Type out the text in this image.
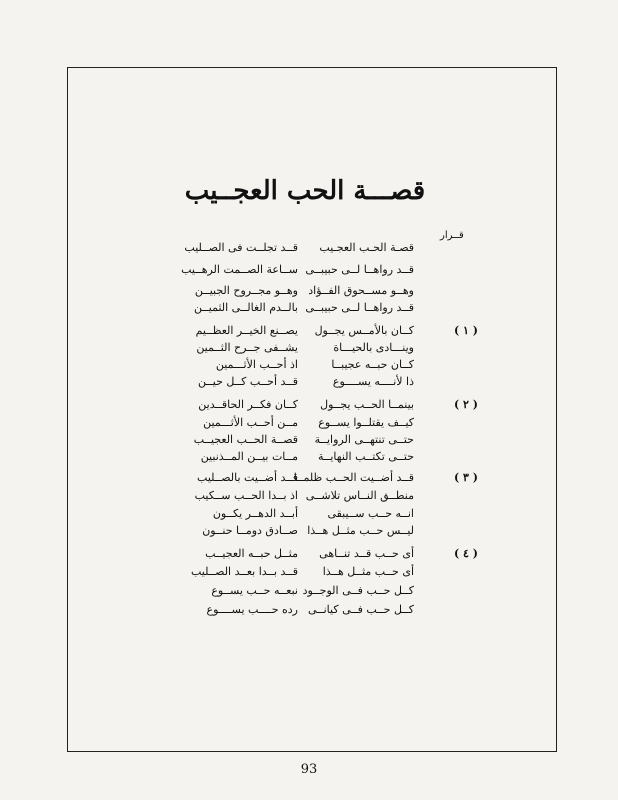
قصـــة الحب العجــيب
قــرار
قصـة الحـب العجـيب
قــد تجلــت فى الصــليب
قــد رواهــا لــى حبيبــى
ســاعة الصــمت الرهــيب
وهــو مســحوق الفــؤاد
وهــو مجــروح الجبيــن
قــد رواهــا لــى حبيبــى
بالــدم الغالــى الثميــن
( ١ )
كــان بالأمــس يجــول
يصــنع الخيــر العظــيم
وينـــادى بالحيـــاة
يشــفى جــرح الثــمين
كــان حبــه عجيبــا
اذ أحــب الأثـــمين
ذا لأنــــه يســــوع
قــد أحــب كــل حيــن
( ٢ )
بينمــا الحــب يجــول
كــان فكــر الحاقــدين
كيــف يقتلــوا يســوع
مــن أحــب الأثـــمين
حتــى تنتهــى الروايــة
قصــة الحــب العجيــب
حتــى تكتــب النهايــة
مــات بيــن المــذنبين
( ٣ )
قــد أضــيت الحــب ظلمــا
قــد أضــيت بالصــليب
منطــق النــاس تلاشــى
اذ بــدا الحــب ســكيب
انــه حــب ســيبقى
أبــد الدهــر يكــون
ليــس حــب مثــل هــذا
صــادق دومــا حنــون
( ٤ )
أى حــب قــد تنــاهى
مثــل حبــه العجيــب
أى حــب مثــل هــذا
قــد بــدا بعــد الصــليب
كــل حــب فــى الوجــود
نبعــه حــب يســوع
كــل حــب فــى كيانــى
رده حــــب يســــوع
93
